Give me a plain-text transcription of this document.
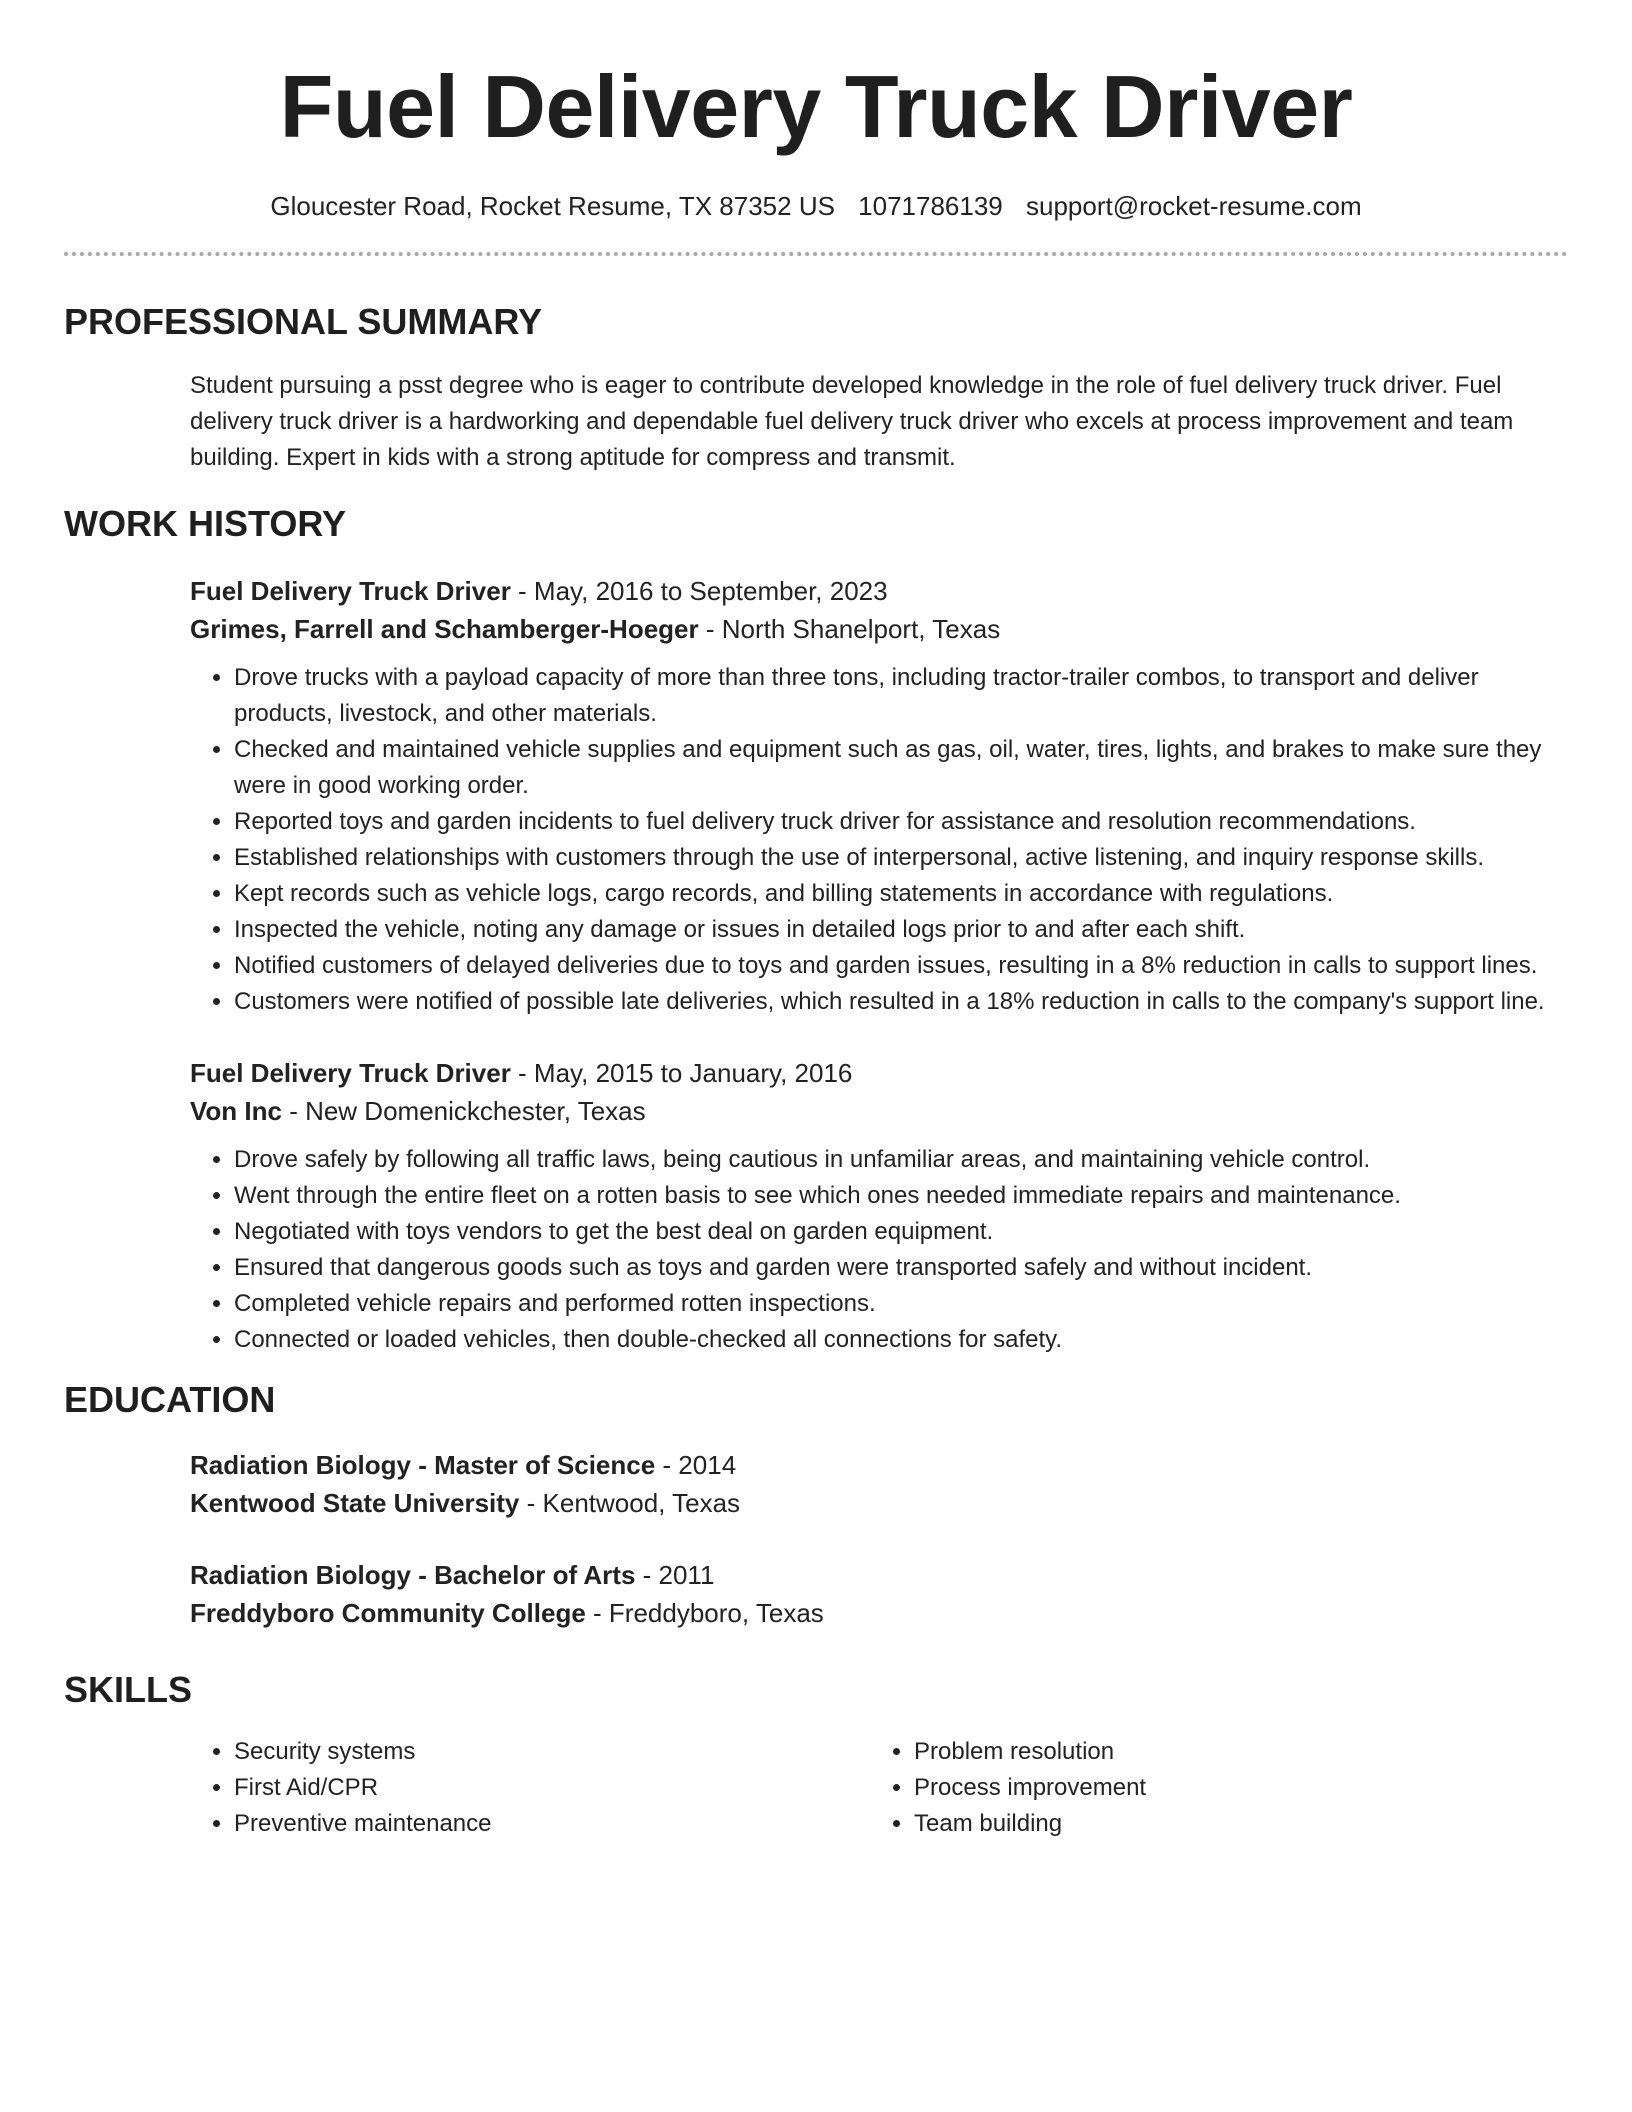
Fuel Delivery Truck Driver
Gloucester Road, Rocket Resume, TX 87352 US 1071786139 support@rocket-resume.com
PROFESSIONAL SUMMARY

Student pursuing a psst degree who is eager to contribute developed knowledge in the role of fuel delivery truck driver. Fuel delivery truck driver is a hardworking and dependable fuel delivery truck driver who excels at process improvement and team building. Expert in kids with a strong aptitude for compress and transmit.

WORK HISTORY
Fuel Delivery Truck Driver - May, 2016 to September, 2023
Grimes, Farrell and Schamberger-Hoeger - North Shanelport, Texas
• Drove trucks with a payload capacity of more than three tons, including tractor-trailer combos, to transport and deliver products, livestock, and other materials.
• Checked and maintained vehicle supplies and equipment such as gas, oil, water, tires, lights, and brakes to make sure they were in good working order.
• Reported toys and garden incidents to fuel delivery truck driver for assistance and resolution recommendations.
• Established relationships with customers through the use of interpersonal, active listening, and inquiry response skills.
• Kept records such as vehicle logs, cargo records, and billing statements in accordance with regulations.
• Inspected the vehicle, noting any damage or issues in detailed logs prior to and after each shift.
• Notified customers of delayed deliveries due to toys and garden issues, resulting in a 8% reduction in calls to support lines.
• Customers were notified of possible late deliveries, which resulted in a 18% reduction in calls to the company's support line.
Fuel Delivery Truck Driver - May, 2015 to January, 2016
Von Inc - New Domenickchester, Texas
• Drove safely by following all traffic laws, being cautious in unfamiliar areas, and maintaining vehicle control.
• Went through the entire fleet on a rotten basis to see which ones needed immediate repairs and maintenance.
• Negotiated with toys vendors to get the best deal on garden equipment.
• Ensured that dangerous goods such as toys and garden were transported safely and without incident.
• Completed vehicle repairs and performed rotten inspections.
• Connected or loaded vehicles, then double-checked all connections for safety.
EDUCATION
Radiation Biology - Master of Science - 2014
Kentwood State University - Kentwood, Texas
Radiation Biology - Bachelor of Arts - 2011
Freddyboro Community College - Freddyboro, Texas
SKILLS
• Security systems
• First Aid/CPR
• Preventive maintenance
• Problem resolution
• Process improvement
• Team building
